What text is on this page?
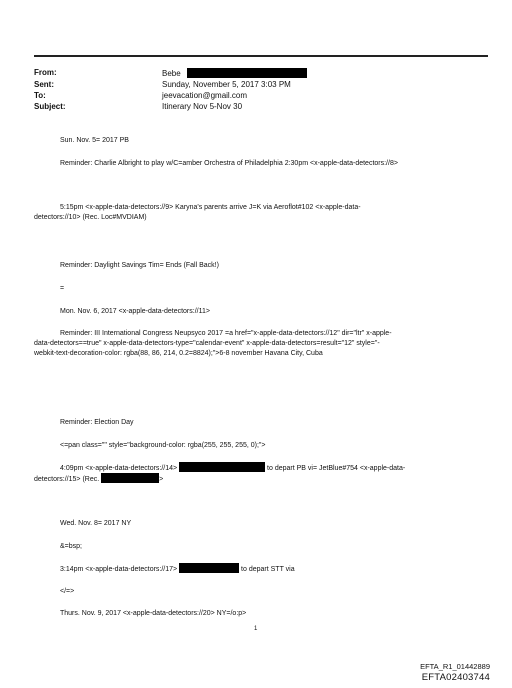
From:	Bebe
Sent:	Sunday, November 5, 2017 3:03 PM
To:	jeevacation@gmail.com
Subject:	Itinerary Nov 5-Nov 30
Sun. Nov. 5= 2017 PB
Reminder: Charlie Albright to play w/C=amber Orchestra of Philadelphia 2:30pm <x-apple-data-detectors://8>
5:15pm <x-apple-data-detectors://9> Karyna's parents arrive J=K via Aeroflot#102 <x-apple-data-
detectors://10> (Rec. Loc#MVDIAM)
Reminder: Daylight Savings Tim= Ends (Fall Back!)
=
Mon. Nov. 6, 2017 <x-apple-data-detectors://11>
Reminder: III International Congress Neupsyco 2017 =a href="x-apple-data-detectors://12" dir="ltr" x-apple-
data-detectors==true" x-apple-data-detectors-type="calendar-event" x-apple-data-detectors=result="12" style="-
webkit-text-decoration-color: rgba(88, 86, 214, 0.2=8824);">6-8 november Havana City, Cuba
Reminder: Election Day
<=pan class="" style="background-color: rgba(255, 255, 255, 0);">
4:09pm <x-apple-data-detectors://14>	to depart PB vi= JetBlue#754 <x-apple-data-
detectors://15> (Rec.	>
Wed. Nov. 8= 2017 NY
&=bsp;
3:14pm <x-apple-data-detectors://17>	to depart STT via
</=>
Thurs. Nov. 9, 2017 <x-apple-data-detectors://20> NY=/o:p>
1
EFTA_R1_01442889
EFTA02403744
